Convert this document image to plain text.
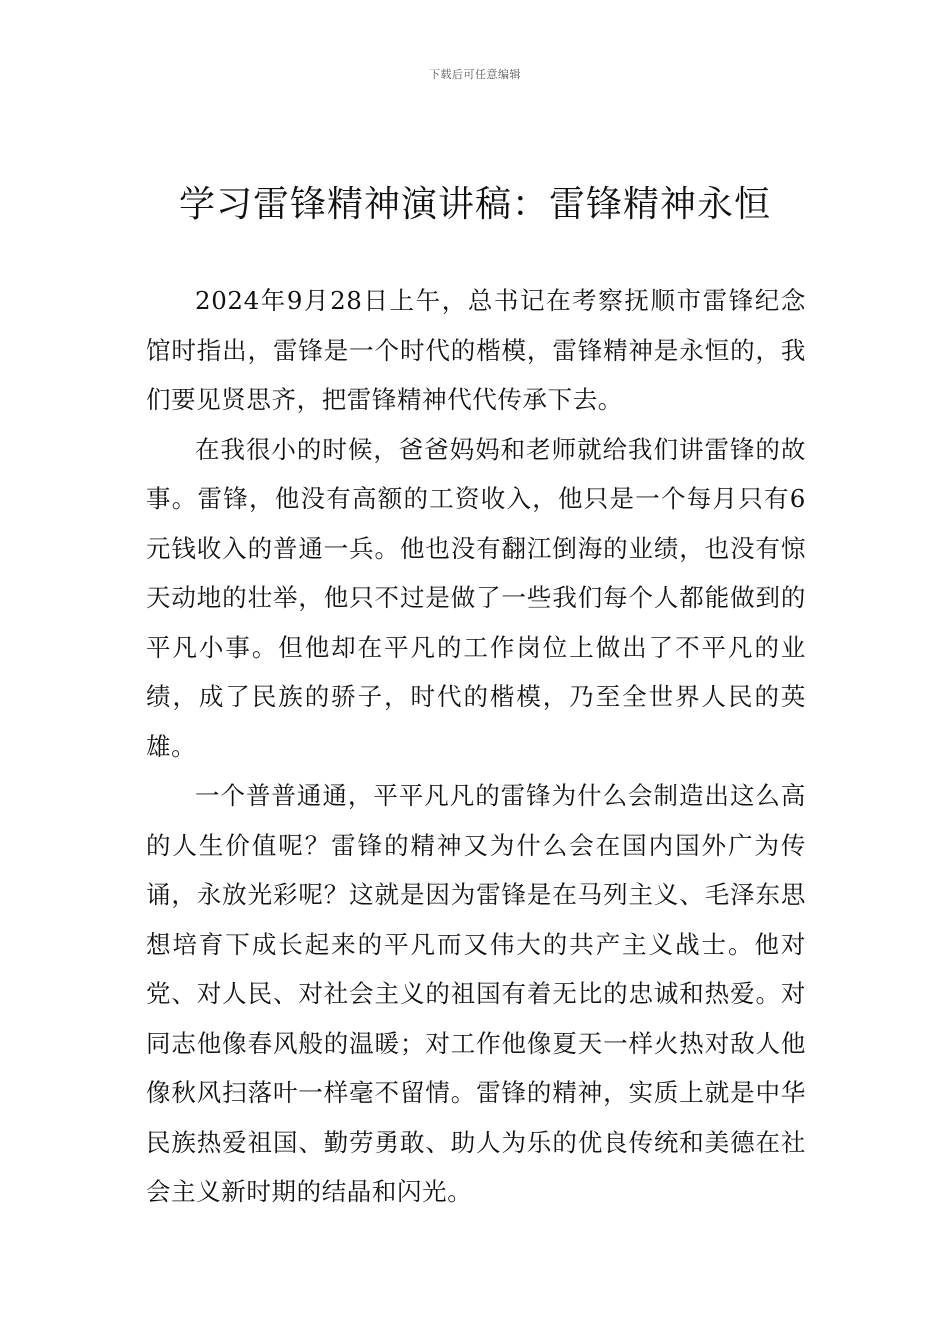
下载后可任意编辑
学习雷锋精神演讲稿：雷锋精神永恒

2024年9月28日上午，总书记在考察抚顺市雷锋纪念馆时指出，雷锋是一个时代的楷模，雷锋精神是永恒的，我们要见贤思齐，把雷锋精神代代传承下去。

在我很小的时候，爸爸妈妈和老师就给我们讲雷锋的故事。雷锋，他没有高额的工资收入，他只是一个每月只有6元钱收入的普通一兵。他也没有翻江倒海的业绩，也没有惊天动地的壮举，他只不过是做了一些我们每个人都能做到的平凡小事。但他却在平凡的工作岗位上做出了不平凡的业绩，成了民族的骄子，时代的楷模，乃至全世界人民的英雄。

一个普普通通，平平凡凡的雷锋为什么会制造出这么高的人生价值呢？雷锋的精神又为什么会在国内国外广为传诵，永放光彩呢？这就是因为雷锋是在马列主义、毛泽东思想培育下成长起来的平凡而又伟大的共产主义战士。他对党、对人民、对社会主义的祖国有着无比的忠诚和热爱。对同志他像春风般的温暖；对工作他像夏天一样火热对敌人他像秋风扫落叶一样毫不留情。雷锋的精神，实质上就是中华民族热爱祖国、勤劳勇敢、助人为乐的优良传统和美德在社会主义新时期的结晶和闪光。
